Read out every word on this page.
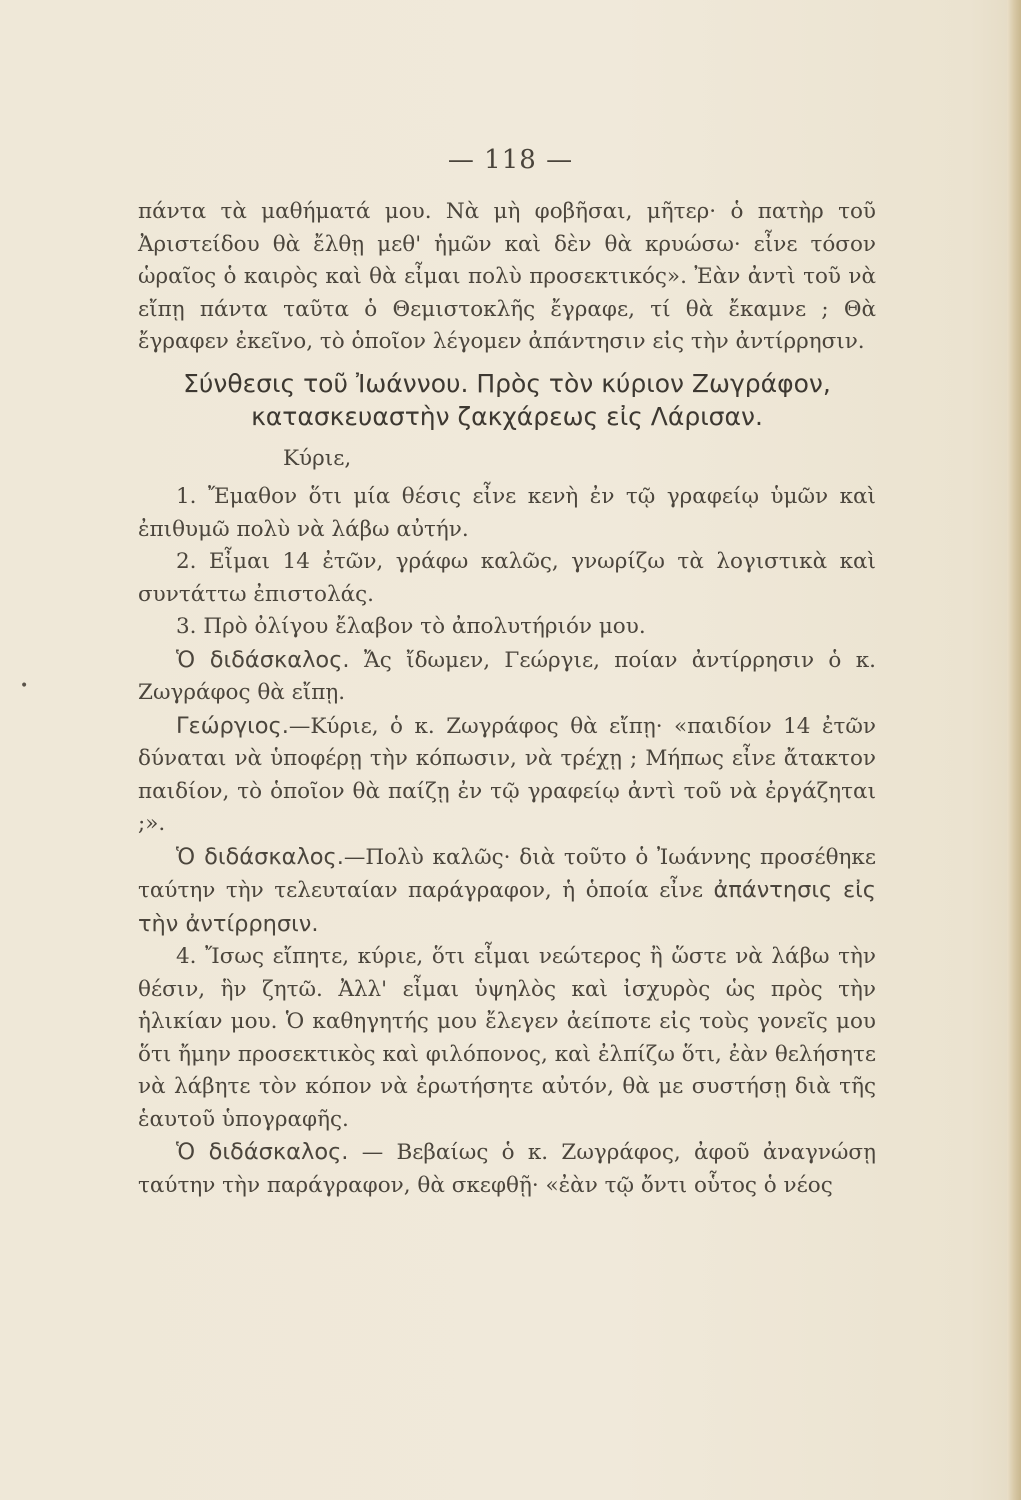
— 118 —
•

πάντα τὰ μαθήματά μου. Νὰ μὴ φοβῆσαι, μῆτερ· ὁ πατὴρ τοῦ Ἀριστείδου θὰ ἔλθῃ μεθ' ἡμῶν καὶ δὲν θὰ κρυώσω· εἶνε τόσον ὡραῖος ὁ καιρὸς καὶ θὰ εἶμαι πολὺ προσεκτικός». Ἐὰν ἀντὶ τοῦ νὰ εἴπῃ πάντα ταῦτα ὁ Θεμιστοκλῆς ἔγραφε, τί θὰ ἔκαμνε ; Θὰ ἔγραφεν ἐκεῖνο, τὸ ὁποῖον λέγομεν ἀπάντησιν εἰς τὴν ἀντίρρησιν.

Σύνθεσις τοῦ Ἰωάννου. Πρὸς τὸν κύριον Ζωγράφον, κατασκευαστὴν ζακχάρεως εἰς Λάρισαν.

Κύριε,

1. Ἔμαθον ὅτι μία θέσις εἶνε κενὴ ἐν τῷ γραφείῳ ὑμῶν καὶ ἐπιθυμῶ πολὺ νὰ λάβω αὐτήν.

2. Εἶμαι 14 ἐτῶν, γράφω καλῶς, γνωρίζω τὰ λογιστικὰ καὶ συντάττω ἐπιστολάς.

3. Πρὸ ὀλίγου ἔλαβον τὸ ἀπολυτήριόν μου.

Ὁ διδάσκαλος. Ἄς ἴδωμεν, Γεώργιε, ποίαν ἀντίρρησιν ὁ κ. Ζωγράφος θὰ εἴπῃ.

Γεώργιος.—Κύριε, ὁ κ. Ζωγράφος θὰ εἴπῃ· «παιδίον 14 ἐτῶν δύναται νὰ ὑποφέρῃ τὴν κόπωσιν, νὰ τρέχῃ ; Μήπως εἶνε ἄτακτον παιδίον, τὸ ὁποῖον θὰ παίζῃ ἐν τῷ γραφείῳ ἀντὶ τοῦ νὰ ἐργάζηται ;».

Ὁ διδάσκαλος.—Πολὺ καλῶς· διὰ τοῦτο ὁ Ἰωάννης προσέθηκε ταύτην τὴν τελευταίαν παράγραφον, ἡ ὁποία εἶνε ἀπάντησις εἰς τὴν ἀντίρρησιν.

4. Ἴσως εἴπητε, κύριε, ὅτι εἶμαι νεώτερος ἢ ὥστε νὰ λάβω τὴν θέσιν, ἣν ζητῶ. Ἀλλ' εἶμαι ὑψηλὸς καὶ ἰσχυρὸς ὡς πρὸς τὴν ἡλικίαν μου. Ὁ καθηγητής μου ἔλεγεν ἀείποτε εἰς τοὺς γονεῖς μου ὅτι ἤμην προσεκτικὸς καὶ φιλόπονος, καὶ ἐλπίζω ὅτι, ἐὰν θελήσητε νὰ λάβητε τὸν κόπον νὰ ἐρωτήσητε αὐτόν, θὰ με συστήσῃ διὰ τῆς ἑαυτοῦ ὑπογραφῆς.

Ὁ διδάσκαλος. — Βεβαίως ὁ κ. Ζωγράφος, ἀφοῦ ἀναγνώσῃ ταύτην τὴν παράγραφον, θὰ σκεφθῇ· «ἐὰν τῷ ὄντι οὗτος ὁ νέος
